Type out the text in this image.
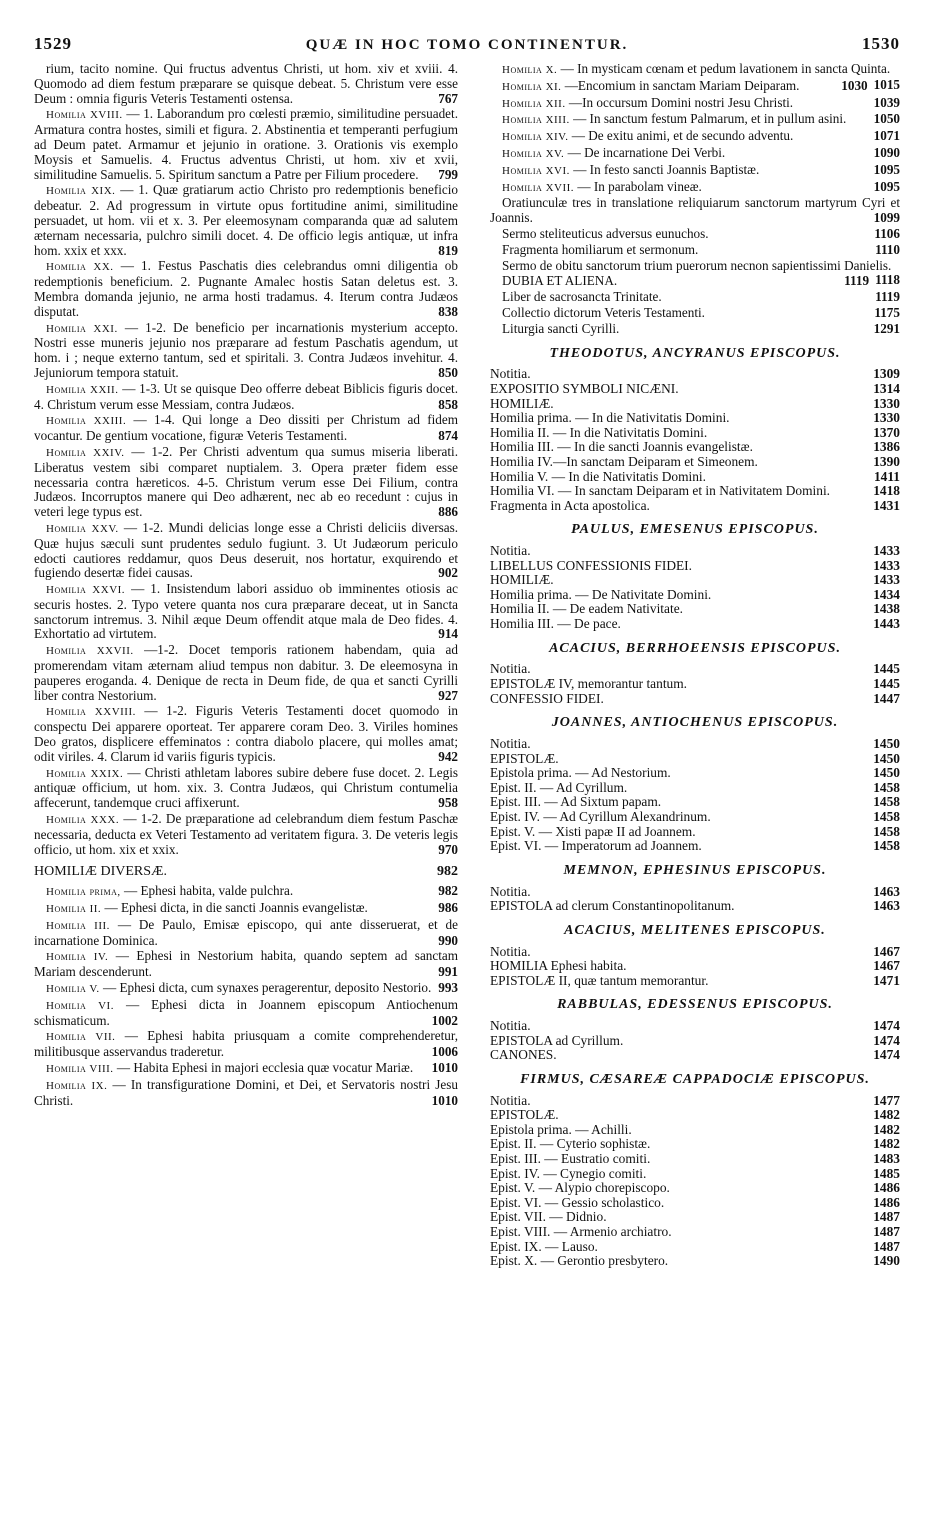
1529	QUÆ IN HOC TOMO CONTINENTUR.	1530
rium, tacito nomine. Qui fructus adventus Christi, ut hom. xiv et xviii. 4. Quomodo ad diem festum præparare se quisque debeat. 5. Christum vere esse Deum : omnia figuris Veteris Testamenti ostensa.	767
Homilia XVIII. — 1. Laborandum pro cœlesti præmio, similitudine persuadet. Armatura contra hostes, simili et figura. 2. Abstinentia et temperanti perfugium ad Deum patet. Armamur et jejunio in oratione. 3. Orationis vis exemplo Moysis et Samuelis. 4. Fructus adventus Christi, ut hom. xiv et xvii, similitudine Samuelis. 5. Spiritum sanctum a Patre per Filium procedere.	799
Homilia XIX. — 1. Quæ gratiarum actio Christo pro redemptionis beneficio debeatur. 2. Ad progressum in virtute opus fortitudine animi, similitudine persuadet, ut hom. vii et x. 3. Per eleemosynam comparanda quæ ad salutem æternam necessaria, pulchro simili docet. 4. De officio legis antiquæ, ut infra hom. xxix et xxx.	819
Homilia XX. — 1. Festus Paschatis dies celebrandus omni diligentia ob redemptionis beneficium. 2. Pugnante Amalec hostis Satan deletus est. 3. Membra domanda jejunio, ne arma hosti tradamus. 4. Iterum contra Judæos disputat.	838
Homilia XXI. — 1-2. De beneficio per incarnationis mysterium accepto. Nostri esse muneris jejunio nos præparare ad festum Paschatis agendum, ut hom. i ; neque externo tantum, sed et spiritali. 3. Contra Judæos invehitur. 4. Jejuniorum tempora statuit.	850
Homilia XXII. — 1-3. Ut se quisque Deo offerre debeat Biblicis figuris docet. 4. Christum verum esse Messiam, contra Judæos.	858
Homilia XXIII. — 1-4. Qui longe a Deo dissiti per Christum ad fidem vocantur. De gentium vocatione, figuræ Veteris Testamenti.	874
Homilia XXIV. — 1-2. Per Christi adventum qua sumus miseria liberati. Liberatus vestem sibi comparet nuptialem. 3. Opera præter fidem esse necessaria contra hæreticos. 4-5. Christum verum esse Dei Filium, contra Judæos. Incorruptos manere qui Deo adhærent, nec ab eo recedunt : cujus in veteri lege typus est.	886
Homilia XXV. — 1-2. Mundi delicias longe esse a Christi deliciis diversas. Quæ hujus sæculi sunt prudentes sedulo fugiunt. 3. Ut Judæorum periculo edocti cautiores reddamur, quos Deus deseruit, nos hortatur, exquirendo et fugiendo desertæ fidei causas.	902
Homilia XXVI. — 1. Insistendum labori assiduo ob imminentes otiosis ac securis hostes. 2. Typo vetere quanta nos cura præparare deceat, ut in Sancta sanctorum intremus. 3. Nihil æque Deum offendit atque mala de Deo fides. 4. Exhortatio ad virtutem.	914
Homilia XXVII. —1-2. Docet temporis rationem habendam, quia ad promerendam vitam æternam aliud tempus non dabitur. 3. De eleemosyna in pauperes eroganda. 4. Denique de recta in Deum fide, de qua et sancti Cyrilli liber contra Nestorium.	927
Homilia XXVIII. — 1-2. Figuris Veteris Testamenti docet quomodo in conspectu Dei apparere oporteat. Ter apparere coram Deo. 3. Viriles homines Deo gratos, displicere effeminatos : contra diabolo placere, qui molles amat; odit viriles. 4. Clarum id variis figuris typicis.	942
Homilia XXIX. — Christi athletam labores subire debere fuse docet. 2. Legis antiquæ officium, ut hom. xix. 3. Contra Judæos, qui Christum contumelia affecerunt, tandemque cruci affixerunt.	958
Homilia XXX. — 1-2. De præparatione ad celebrandum diem festum Paschæ necessaria, deducta ex Veteri Testamento ad veritatem figura. 3. De veteris legis officio, ut hom. xix et xxix.	970
HOMILIÆ DIVERSÆ.	982
Homilia prima, — Ephesi habita, valde pulchra.	982
Homilia II. — Ephesi dicta, in die sancti Joannis evangelistæ.	986
Homilia III. — De Paulo, Emisæ episcopo, qui ante disseruerat, et de incarnatione Dominica.	990
Homilia IV. — Ephesi in Nestorium habita, quando septem ad sanctam Mariam descenderunt.	991
Homilia V. — Ephesi dicta, cum synaxes peragerentur, deposito Nestorio. 993
Homilia VI. — Ephesi dicta in Joannem episcopum Antiochenum schismaticum.	1002
Homilia VII. — Ephesi habita priusquam a comite comprehenderetur, militibusque asservandus traderetur.	1006
Homilia VIII. — Habita Ephesi in majori ecclesia quæ vocatur Mariæ.	1010
Homilia IX. — In transfiguratione Domini, et Dei, et Servatoris nostri Jesu Christi.	1010
Homilia X. — In mysticam cœnam et pedum lavationem in sancta Quinta.
1015
Homilia XI. —Encomium in sanctam Mariam Deiparam.	1030
Homilia XII. —In occursum Domini nostri Jesu Christi.	1039
Homilia XIII. — In sanctum festum Palmarum, et in pullum asini.	1050
Homilia XIV. — De exitu animi, et de secundo adventu.	1071
Homilia XV. — De incarnatione Dei Verbi.	1090
Homilia XVI. — In festo sancti Joannis Baptistæ.	1095
Homilia XVII. — In parabolam vineæ.	1095
Oratiunculæ tres in translatione reliquiarum sanctorum martyrum Cyri et Joannis.	1099
Sermo steliteuticus adversus eunuchos.	1106
Fragmenta homiliarum et sermonum.	1110
Sermo de obitu sanctorum trium puerorum necnon sapientissimi Danielis.
1118
DUBIA ET ALIENA.	1119
Liber de sacrosancta Trinitate.	1119
Collectio dictorum Veteris Testamenti.	1175
Liturgia sancti Cyrilli.	1291
THEODOTUS, ANCYRANUS EPISCOPUS.
Notitia.	1309
EXPOSITIO SYMBOLI NICÆNI.	1314
HOMILIÆ.	1330
Homilia prima. — In die Nativitatis Domini.	1330
Homilia II. — In die Nativitatis Domini.	1370
Homilia III. — In die sancti Joannis evangelistæ.	1386
Homilia IV.—In sanctam Deiparam et Simeonem.	1390
Homilia V. — In die Nativitatis Domini.	1411
Homilia VI. — In sanctam Deiparam et in Nativitatem Domini.	1418
Fragmenta in Acta apostolica.	1431
PAULUS, EMESENUS EPISCOPUS.
Notitia.	1433
LIBELLUS CONFESSIONIS FIDEI.	1433
HOMILIÆ.	1433
Homilia prima. — De Nativitate Domini.	1434
Homilia II. — De eadem Nativitate.	1438
Homilia III. — De pace.	1443
ACACIUS, BERRHOEENSIS EPISCOPUS.
Notitia.	1445
EPISTOLÆ IV, memorantur tantum.	1445
CONFESSIO FIDEI.	1447
JOANNES, ANTIOCHENUS EPISCOPUS.
Notitia.	1450
EPISTOLÆ.	1450
Epistola prima. — Ad Nestorium.	1450
Epist. II. — Ad Cyrillum.	1458
Epist. III. — Ad Sixtum papam.	1458
Epist. IV. — Ad Cyrillum Alexandrinum.	1458
Epist. V. — Xisti papæ II ad Joannem.	1458
Epist. VI. — Imperatorum ad Joannem.	1458
MEMNON, EPHESINUS EPISCOPUS.
Notitia.	1463
EPISTOLA ad clerum Constantinopolitanum.	1463
ACACIUS, MELITENES EPISCOPUS.
Notitia.	1467
HOMILIA Ephesi habita.	1467
EPISTOLÆ II, quæ tantum memorantur.	1471
RABBULAS, EDESSENUS EPISCOPUS.
Notitia.	1474
EPISTOLA ad Cyrillum.	1474
CANONES.	1474
FIRMUS, CÆSAREÆ CAPPADOCIÆ EPISCOPUS.
Notitia.	1477
EPISTOLÆ.	1482
Epistola prima. — Achilli.	1482
Epist. II. — Cyterio sophistæ.	1482
Epist. III. — Eustratio comiti.	1483
Epist. IV. — Cynegio comiti.	1485
Epist. V. — Alypio chorepiscopo.	1486
Epist. VI. — Gessio scholastico.	1486
Epist. VII. — Didnio.	1487
Epist. VIII. — Armenio archiatro.	1487
Epist. IX. — Lauso.	1487
Epist. X. — Gerontio presbytero.	1490
